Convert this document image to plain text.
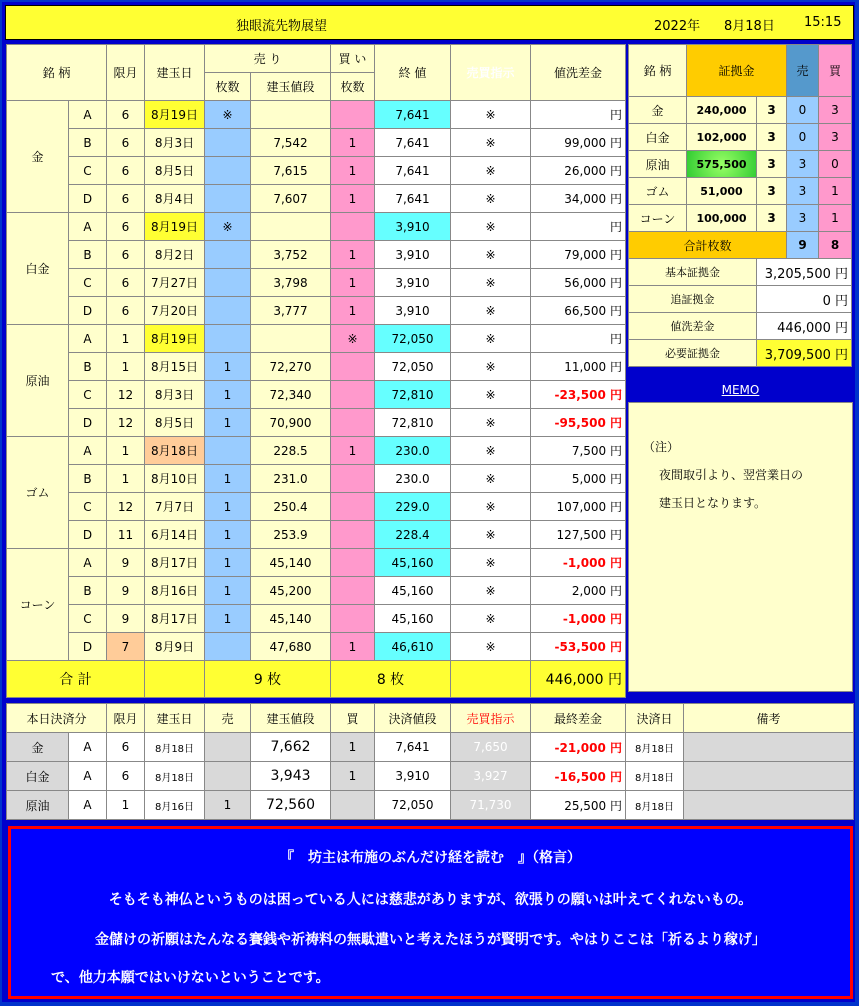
独眼流先物展望	2022年 8月18日 15:15
銘 柄		限月	建玉日	売 り		買 い	終 値	売買指示	値洗差金
				枚数	建玉値段	枚数			
金	A	6	8月19日	※			7,641	※	円
	B	6	8月3日		7,542	1	7,641	※	99,000 円
	C	6	8月5日		7,615	1	7,641	※	26,000 円
	D	6	8月4日		7,607	1	7,641	※	34,000 円
白金	A	6	8月19日	※			3,910	※	円
	B	6	8月2日		3,752	1	3,910	※	79,000 円
	C	6	7月27日		3,798	1	3,910	※	56,000 円
	D	6	7月20日		3,777	1	3,910	※	66,500 円
原油	A	1	8月19日			※	72,050	※	円
	B	1	8月15日	1	72,270		72,050	※	11,000 円
	C	12	8月3日	1	72,340		72,810	※	-23,500 円
	D	12	8月5日	1	70,900		72,810	※	-95,500 円
ゴム	A	1	8月18日		228.5	1	230.0	※	7,500 円
	B	1	8月10日	1	231.0		230.0	※	5,000 円
	C	12	7月7日	1	250.4		229.0	※	107,000 円
	D	11	6月14日	1	253.9		228.4	※	127,500 円
コーン	A	9	8月17日	1	45,140		45,160	※	-1,000 円
	B	9	8月16日	1	45,200		45,160	※	2,000 円
	C	9	8月17日	1	45,140		45,160	※	-1,000 円
	D	7	8月9日		47,680	1	46,610	※	-53,500 円
合 計				9 枚		8 枚			446,000 円
銘 柄	証拠金		売	買
金	240,000	3	0	3
白金	102,000	3	0	3
原油	575,500	3	3	0
ゴム	51,000	3	3	1
コーン	100,000	3	3	1
合計枚数			9	8
基本証拠金		3,205,500 円		
追証拠金		0 円		
値洗差金		446,000 円		
必要証拠金		3,709,500 円		
MEMO
（注）
夜間取引より、翌営業日の
建玉日となります。
本日決済分		限月	建玉日	売	建玉値段	買	決済値段	売買指示	最終差金	決済日	備考
金	A	6	8月18日		7,662	1	7,641	7,650	-21,000 円	8月18日	
白金	A	6	8月18日		3,943	1	3,910	3,927	-16,500 円	8月18日	
原油	A	1	8月16日	1	72,560		72,050	71,730	25,500 円	8月18日	

『　坊主は布施のぶんだけ経を読む　』（格言）

そもそも神仏というものは困っている人には慈悲がありますが、欲張りの願いは叶えてくれないもの。

金儲けの祈願はたんなる賽銭や祈祷料の無駄遣いと考えたほうが賢明です。やはりここは「祈るより稼げ」

で、他力本願ではいけないということです。
